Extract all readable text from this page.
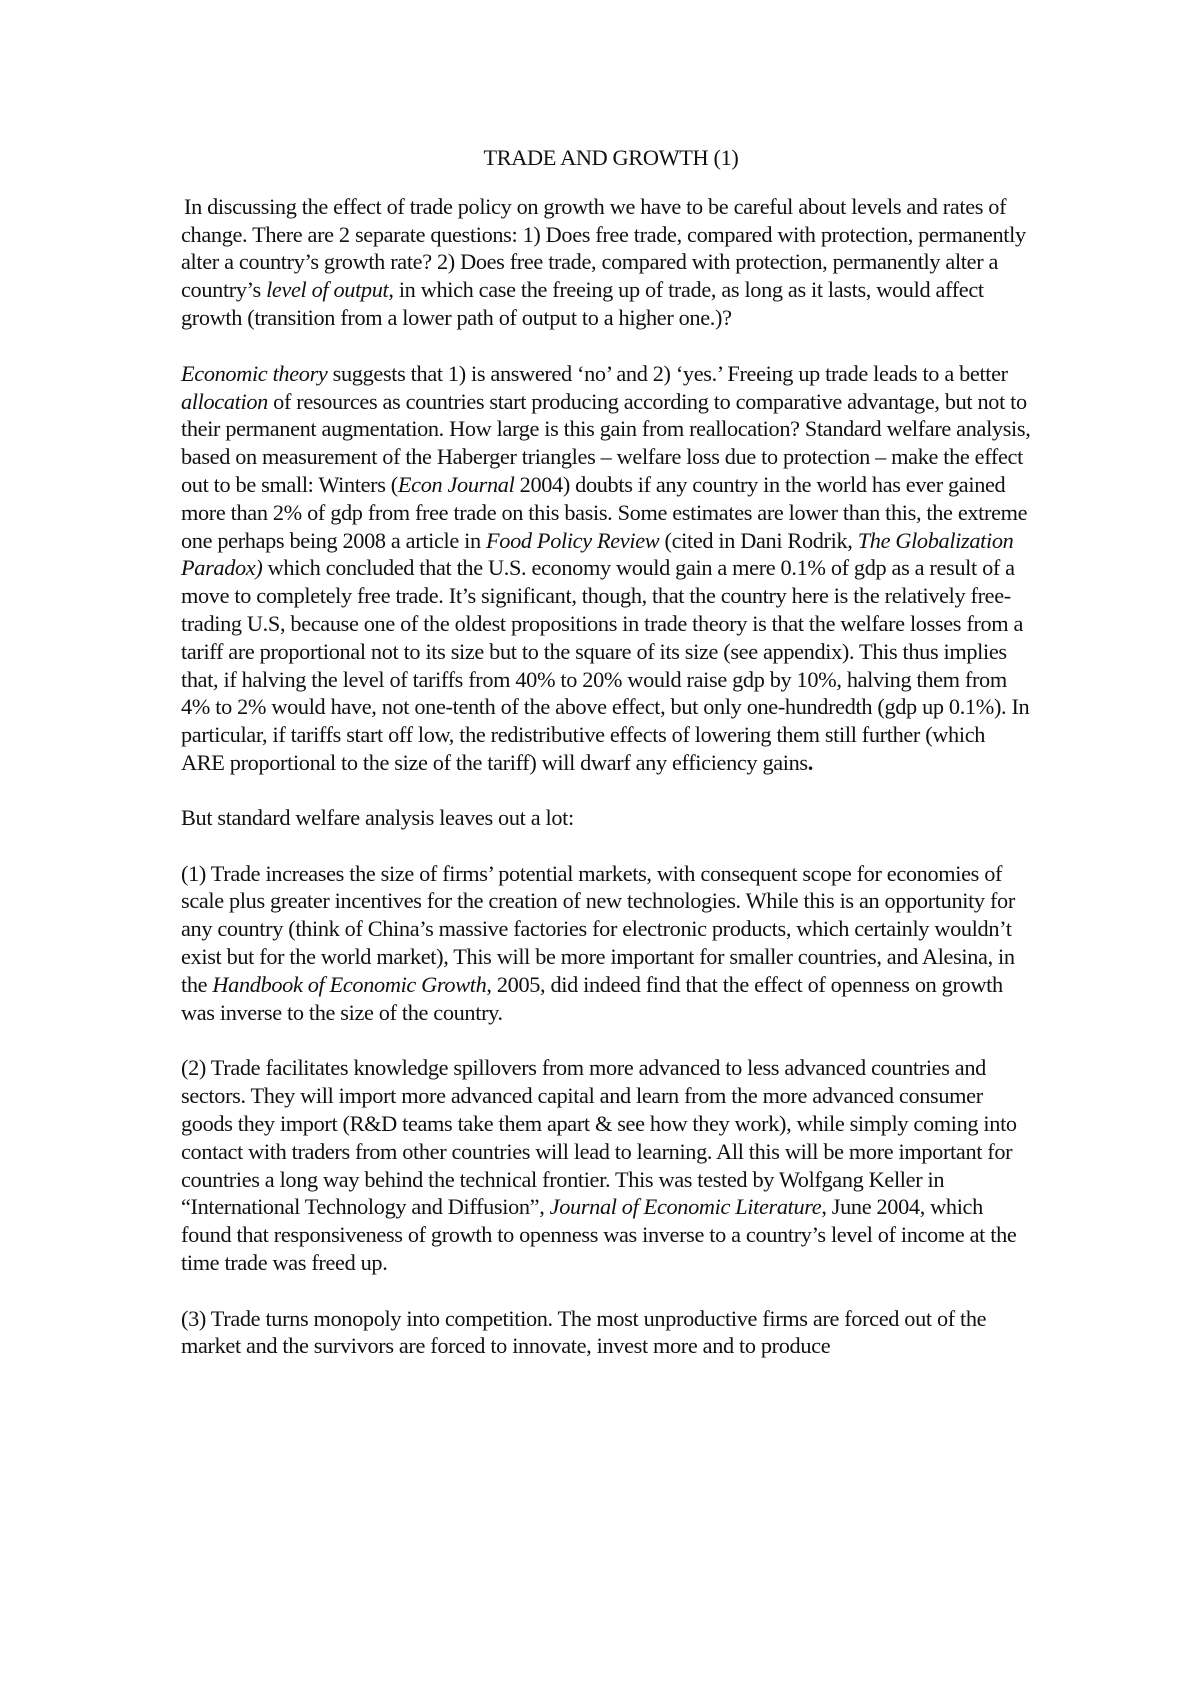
TRADE AND GROWTH (1)

In discussing the effect of trade policy on growth we have to be careful about levels and rates of change. There are 2 separate questions: 1) Does free trade, compared with protection, permanently alter a country’s growth rate? 2) Does free trade, compared with protection, permanently alter a country’s level of output, in which case the freeing up of trade, as long as it lasts, would affect growth (transition from a lower path of output to a higher one.)?

Economic theory suggests that 1) is answered ‘no’ and 2) ‘yes.’ Freeing up trade leads to a better allocation of resources as countries start producing according to comparative advantage, but not to their permanent augmentation. How large is this gain from reallocation? Standard welfare analysis, based on measurement of the Haberger triangles – welfare loss due to protection – make the effect out to be small: Winters (Econ Journal 2004) doubts if any country in the world has ever gained more than 2% of gdp from free trade on this basis. Some estimates are lower than this, the extreme one perhaps being 2008 a article in Food Policy Review (cited in Dani Rodrik, The Globalization Paradox) which concluded that the U.S. economy would gain a mere 0.1% of gdp as a result of a move to completely free trade. It’s significant, though, that the country here is the relatively free-trading U.S, because one of the oldest propositions in trade theory is that the welfare losses from a tariff are proportional not to its size but to the square of its size (see appendix). This thus implies that, if halving the level of tariffs from 40% to 20% would raise gdp by 10%, halving them from 4% to 2% would have, not one-tenth of the above effect, but only one-hundredth (gdp up 0.1%). In particular, if tariffs start off low, the redistributive effects of lowering them still further (which ARE proportional to the size of the tariff) will dwarf any efficiency gains.

But standard welfare analysis leaves out a lot:

(1) Trade increases the size of firms’ potential markets, with consequent scope for economies of scale plus greater incentives for the creation of new technologies. While this is an opportunity for any country (think of China’s massive factories for electronic products, which certainly wouldn’t exist but for the world market), This will be more important for smaller countries, and Alesina, in the Handbook of Economic Growth, 2005, did indeed find that the effect of openness on growth was inverse to the size of the country.

(2) Trade facilitates knowledge spillovers from more advanced to less advanced countries and sectors. They will import more advanced capital and learn from the more advanced consumer goods they import (R&D teams take them apart & see how they work), while simply coming into contact with traders from other countries will lead to learning. All this will be more important for countries a long way behind the technical frontier. This was tested by Wolfgang Keller in “International Technology and Diffusion”, Journal of Economic Literature, June 2004, which found that responsiveness of growth to openness was inverse to a country’s level of income at the time trade was freed up.

(3) Trade turns monopoly into competition. The most unproductive firms are forced out of the market and the survivors are forced to innovate, invest more and to produce
